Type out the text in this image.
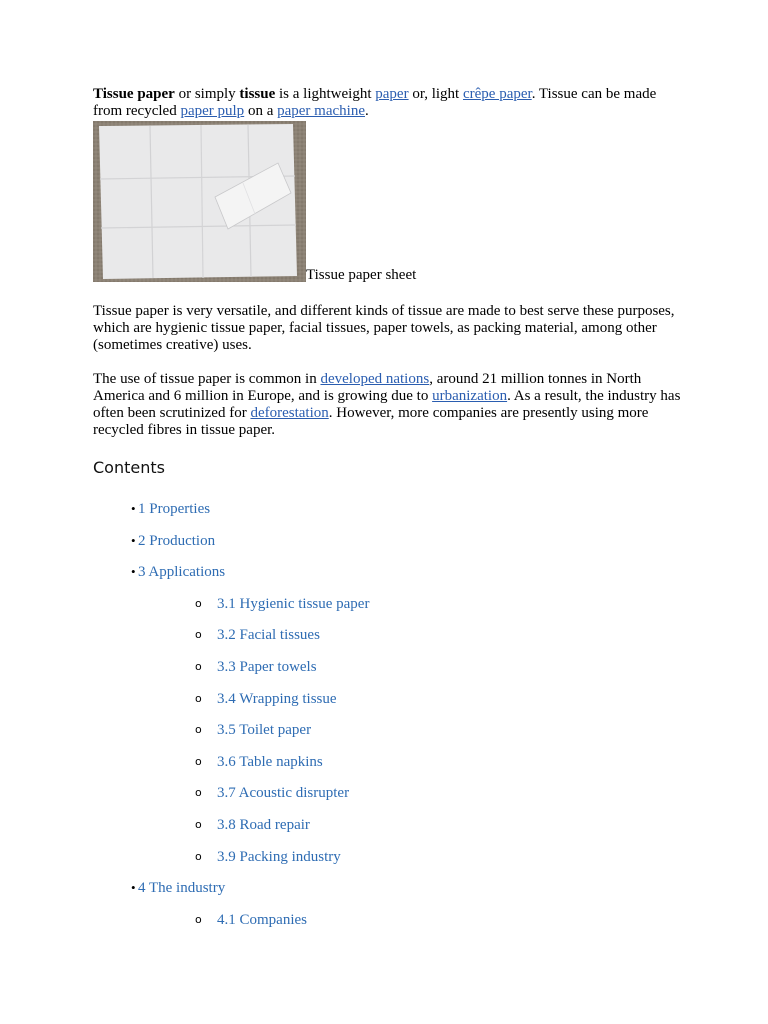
Tissue paper or simply tissue is a lightweight paper or, light crêpe paper. Tissue can be made from recycled paper pulp on a paper machine.

Tissue paper sheet

Tissue paper is very versatile, and different kinds of tissue are made to best serve these purposes, which are hygienic tissue paper, facial tissues, paper towels, as packing material, among other (sometimes creative) uses.

The use of tissue paper is common in developed nations, around 21 million tonnes in North America and 6 million in Europe, and is growing due to urbanization. As a result, the industry has often been scrutinized for deforestation. However, more companies are presently using more recycled fibres in tissue paper.

Contents
• 1 Properties
• 2 Production
• 3 Applications
o 3.1 Hygienic tissue paper
o 3.2 Facial tissues
o 3.3 Paper towels
o 3.4 Wrapping tissue
o 3.5 Toilet paper
o 3.6 Table napkins
o 3.7 Acoustic disrupter
o 3.8 Road repair
o 3.9 Packing industry
• 4 The industry
o 4.1 Companies
